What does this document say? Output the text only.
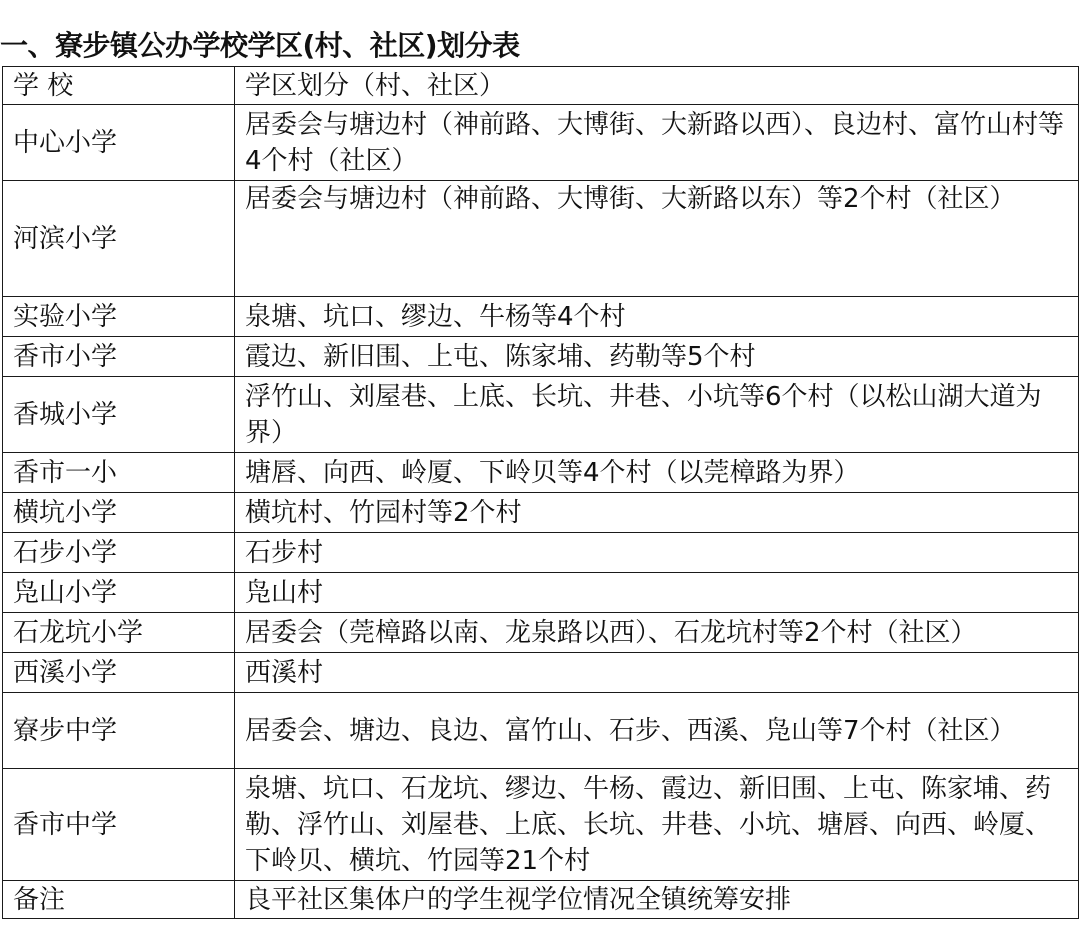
一、寮步镇公办学校学区(村、社区)划分表
学 校	学区划分（村、社区）
中心小学	居委会与塘边村（神前路、大博街、大新路以西）、良边村、富竹山村等4个村（社区）
河滨小学	居委会与塘边村（神前路、大博街、大新路以东）等2个村（社区）
实验小学	泉塘、坑口、缪边、牛杨等4个村
香市小学	霞边、新旧围、上屯、陈家埔、药勒等5个村
香城小学	浮竹山、刘屋巷、上底、长坑、井巷、小坑等6个村（以松山湖大道为界）
香市一小	塘唇、向西、岭厦、下岭贝等4个村（以莞樟路为界）
横坑小学	横坑村、竹园村等2个村
石步小学	石步村
凫山小学	凫山村
石龙坑小学	居委会（莞樟路以南、龙泉路以西）、石龙坑村等2个村（社区）
西溪小学	西溪村
寮步中学	居委会、塘边、良边、富竹山、石步、西溪、凫山等7个村（社区）
香市中学	泉塘、坑口、石龙坑、缪边、牛杨、霞边、新旧围、上屯、陈家埔、药勒、浮竹山、刘屋巷、上底、长坑、井巷、小坑、塘唇、向西、岭厦、下岭贝、横坑、竹园等21个村
备注	良平社区集体户的学生视学位情况全镇统筹安排
